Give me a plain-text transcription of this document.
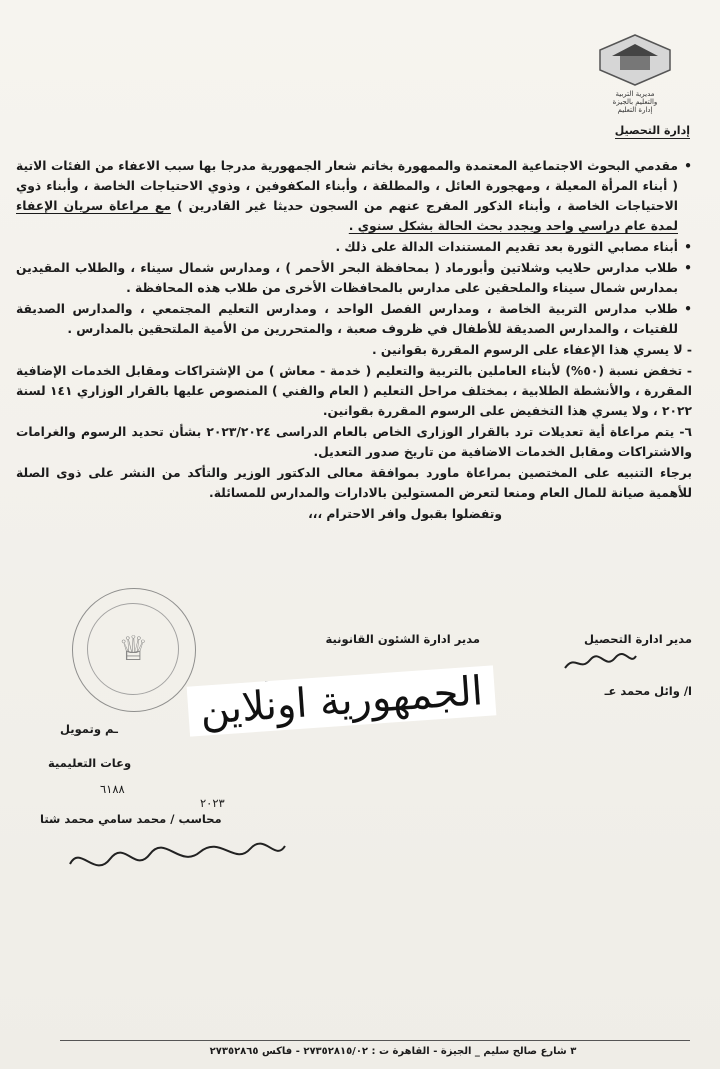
مديرية التربية
والتعليم بالجيزة
إدارة التعليم
إدارة التحصيل

• مقدمي البحوث الاجتماعية المعتمدة والممهورة بخاتم شعار الجمهورية مدرجا بها سبب الاعفاء من الفئات الاتية ( أبناء المرأة المعيلة ، ومهجورة العائل ، والمطلقة ، وأبناء المكفوفين ، وذوي الاحتياجات الخاصة ، وأبناء ذوي الاحتياجات الخاصة ، وأبناء الذكور المفرج عنهم من السجون حديثا غير القادرين ) مع مراعاة سريان الإعفاء لمدة عام دراسي واحد ويجدد بحث الحالة بشكل سنوي .

• أبناء مصابي الثورة بعد تقديم المستندات الدالة على ذلك .

• طلاب مدارس حلايب وشلاتين وأبورماد ( بمحافظة البحر الأحمر ) ، ومدارس شمال سيناء ، والطلاب المقيدين بمدارس شمال سيناء والملحقين على مدارس بالمحافظات الأخرى من طلاب هذه المحافظة .

• طلاب مدارس التربية الخاصة ، ومدارس الفصل الواحد ، ومدارس التعليم المجتمعي ، والمدارس الصديقة للفتيات ، والمدارس الصديقة للأطفال في ظروف صعبة ، والمتحررين من الأمية الملتحقين بالمدارس .

- لا يسري هذا الإعفاء على الرسوم المقررة بقوانين .

- تخفض نسبة (٥٠%) لأبناء العاملين بالتربية والتعليم ( خدمة - معاش ) من الإشتراكات ومقابل الخدمات الإضافية المقررة ، والأنشطة الطلابية ، بمختلف مراحل التعليم ( العام والفني ) المنصوص عليها بالقرار الوزاري ١٤١ لسنة ٢٠٢٢ ، ولا يسري هذا التخفيض على الرسوم المقررة بقوانين.

٦- يتم مراعاة أية تعديلات ترد بالقرار الوزارى الخاص بالعام الدراسى ٢٠٢٣/٢٠٢٤ بشأن تحديد الرسوم والغرامات والاشتراكات ومقابل الخدمات الاضافية من تاريخ صدور التعديل.

برجاء التنبيه على المختصين بمراعاة ماورد بموافقة معالى الدكتور الوزير والتأكد من النشر على ذوى الصلة للأهمية صيانة للمال العام ومنعا لتعرض المستولين بالادارات والمدارس للمسائلة.

وتفضلوا بقبول وافر الاحترام ،،،

♕	مدير ادارة التحصيل
ا/ وائل محمد عـ
مدير ادارة الشئون القانونية
الجمهورية اونلاين
ـم وتمويل
وعات التعليمية
٦١٨٨
٢٠٢٣
محاسب / محمد سامي محمد شتا
٣ شارع صالح سليم _ الجيزة - القاهرة ت : ٢٧٣٥٢٨١٥/٠٢ - فاكس ٢٧٣٥٢٨٦٥
